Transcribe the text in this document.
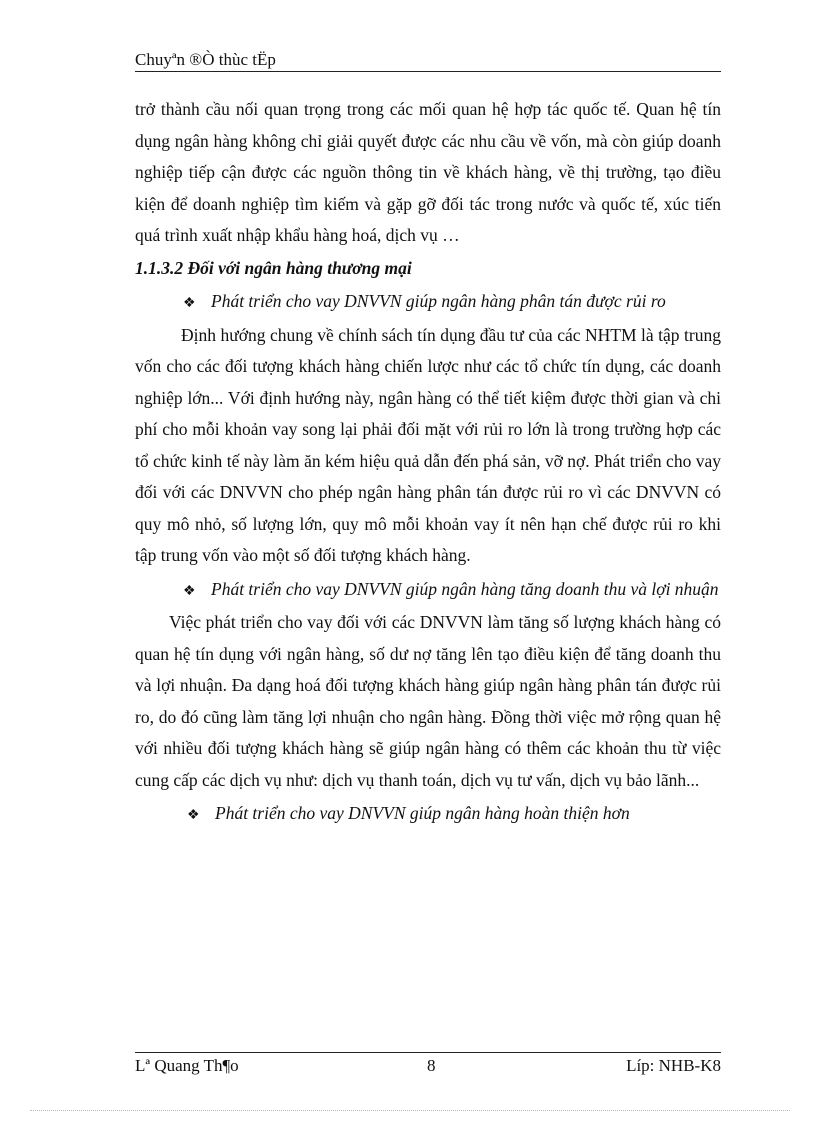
Chuyªn ®Ò thùc tËp

trở thành cầu nối quan trọng trong các mối quan hệ hợp tác quốc tế. Quan hệ tín dụng ngân hàng không chỉ giải quyết được các nhu cầu về vốn, mà còn giúp doanh nghiệp tiếp cận được các nguồn thông tin về khách hàng, về thị trường, tạo điều kiện để doanh nghiệp tìm kiếm và gặp gỡ đối tác trong nước và quốc tế, xúc tiến quá trình xuất nhập khẩu hàng hoá, dịch vụ …

1.1.3.2 Đối với ngân hàng thương mại

❖ Phát triển cho vay DNVVN giúp ngân hàng phân tán được rủi ro

Định hướng chung về chính sách tín dụng đầu tư của các NHTM là tập trung vốn cho các đối tượng khách hàng chiến lược như các tổ chức tín dụng, các doanh nghiệp lớn... Với định hướng này, ngân hàng có thể tiết kiệm được thời gian và chi phí cho mỗi khoản vay song lại phải đối mặt với rủi ro lớn là trong trường hợp các tổ chức kinh tế này làm ăn kém hiệu quả dẫn đến phá sản, vỡ nợ. Phát triển cho vay đối với các DNVVN cho phép ngân hàng phân tán được rủi ro vì các DNVVN có quy mô nhỏ, số lượng lớn, quy mô mỗi khoản vay ít nên hạn chế được rủi ro khi tập trung vốn vào một số đối tượng khách hàng.

❖ Phát triển cho vay DNVVN giúp ngân hàng tăng doanh thu và lợi nhuận

Việc phát triển cho vay đối với các DNVVN làm tăng số lượng khách hàng có quan hệ tín dụng với ngân hàng, số dư nợ tăng lên tạo điều kiện để tăng doanh thu và lợi nhuận. Đa dạng hoá đối tượng khách hàng giúp ngân hàng phân tán được rủi ro, do đó cũng làm tăng lợi nhuận cho ngân hàng. Đồng thời việc mở rộng quan hệ với nhiều đối tượng khách hàng sẽ giúp ngân hàng có thêm các khoản thu từ việc cung cấp các dịch vụ như: dịch vụ thanh toán, dịch vụ tư vấn, dịch vụ bảo lãnh...

❖ Phát triển cho vay DNVVN giúp ngân hàng hoàn thiện hơn

Lª Quang Th¶o	8	Líp: NHB-K8
